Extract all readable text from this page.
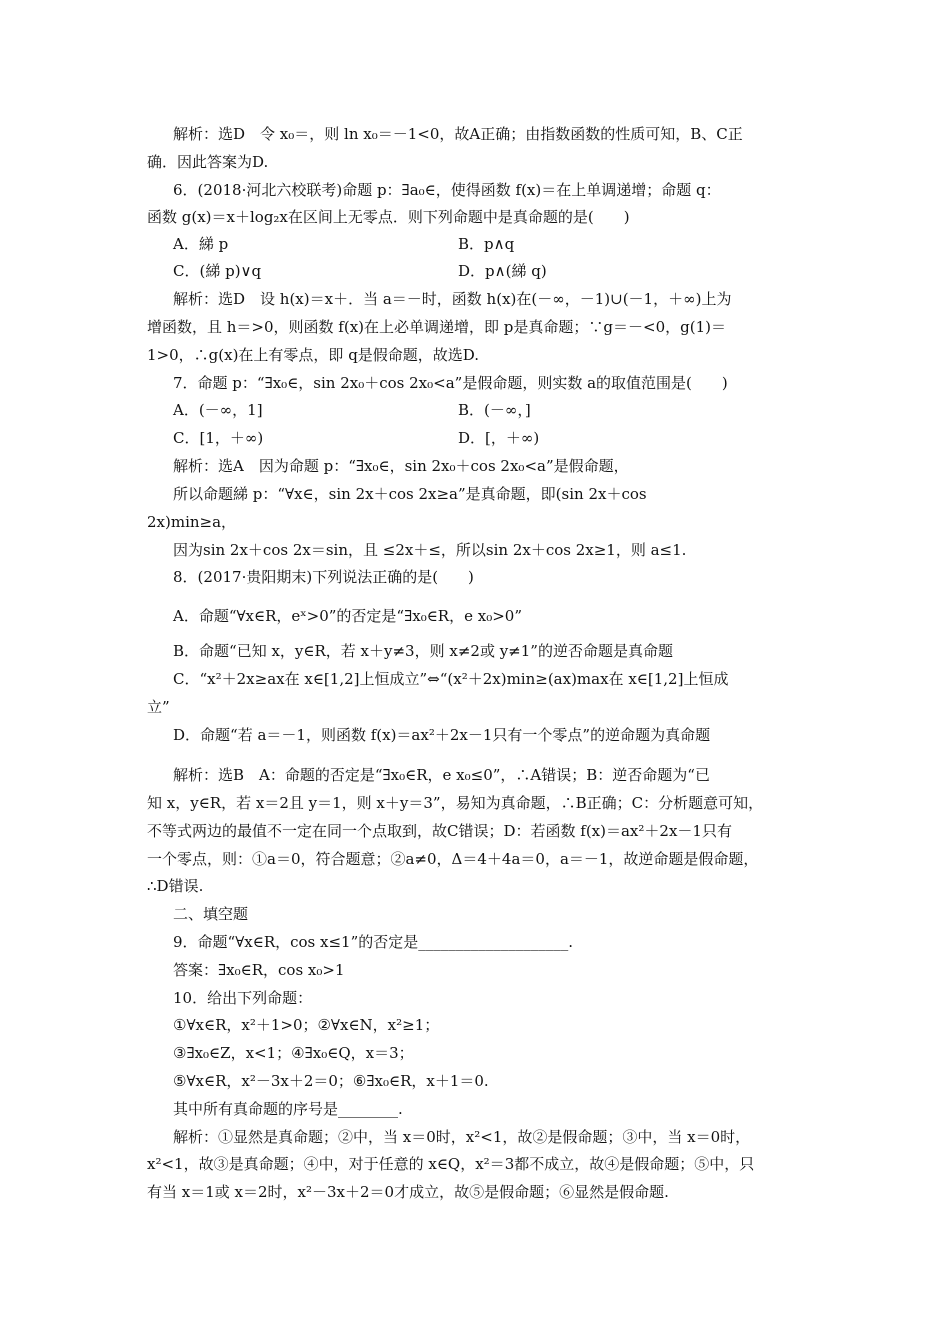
解析：选D　令 x₀＝，则 ln x₀＝－1<0，故A正确；由指数函数的性质可知，B、C正
确．因此答案为D.
6．(2018·河北六校联考)命题 p：∃a₀∈，使得函数 f(x)＝在上单调递增；命题 q：
函数 g(x)＝x＋log₂x在区间上无零点．则下列命题中是真命题的是(　　)
A．綈 p	B．p∧q
C．(綈 p)∨q	D．p∧(綈 q)
解析：选D　设 h(x)＝x＋．当 a＝－时，函数 h(x)在(－∞，－1)∪(－1，＋∞)上为
增函数，且 h＝>0，则函数 f(x)在上必单调递增，即 p是真命题；∵g＝－<0，g(1)＝
1>0，∴g(x)在上有零点，即 q是假命题，故选D.
7．命题 p：“∃x₀∈，sin 2x₀＋cos 2x₀<a”是假命题，则实数 a的取值范围是(　　)
A．(－∞，1]	B．(－∞，]
C．[1，＋∞)	D．[，＋∞)
解析：选A　因为命题 p：“∃x₀∈，sin 2x₀＋cos 2x₀<a”是假命题，
所以命题綈 p：“∀x∈，sin 2x＋cos 2x≥a”是真命题，即(sin 2x＋cos
2x)min≥a，
因为sin 2x＋cos 2x＝sin，且 ≤2x＋≤，所以sin 2x＋cos 2x≥1，则 a≤1.
8．(2017·贵阳期末)下列说法正确的是(　　)
A．命题“∀x∈R，eˣ>0”的否定是“∃x₀∈R，e x₀>0”
B．命题“已知 x，y∈R，若 x＋y≠3，则 x≠2或 y≠1”的逆否命题是真命题
C．“x²＋2x≥ax在 x∈[1,2]上恒成立”⇔“(x²＋2x)min≥(ax)max在 x∈[1,2]上恒成
立”
D．命题“若 a＝－1，则函数 f(x)＝ax²＋2x－1只有一个零点”的逆命题为真命题
解析：选B　A：命题的否定是“∃x₀∈R，e x₀≤0”，∴A错误；B：逆否命题为“已
知 x，y∈R，若 x＝2且 y＝1，则 x＋y＝3”，易知为真命题，∴B正确；C：分析题意可知，
不等式两边的最值不一定在同一个点取到，故C错误；D：若函数 f(x)＝ax²＋2x－1只有
一个零点，则：①a＝0，符合题意；②a≠0，Δ＝4＋4a＝0，a＝－1，故逆命题是假命题，
∴D错误.
二、填空题
9．命题“∀x∈R，cos x≤1”的否定是____________________.
答案：∃x₀∈R，cos x₀>1
10．给出下列命题：
①∀x∈R，x²＋1>0；②∀x∈N，x²≥1；
③∃x₀∈Z，x<1；④∃x₀∈Q，x＝3；
⑤∀x∈R，x²－3x＋2＝0；⑥∃x₀∈R，x＋1＝0.
其中所有真命题的序号是________.
解析：①显然是真命题；②中，当 x＝0时，x²<1，故②是假命题；③中，当 x＝0时，
x²<1，故③是真命题；④中，对于任意的 x∈Q，x²＝3都不成立，故④是假命题；⑤中，只
有当 x＝1或 x＝2时，x²－3x＋2＝0才成立，故⑤是假命题；⑥显然是假命题.
